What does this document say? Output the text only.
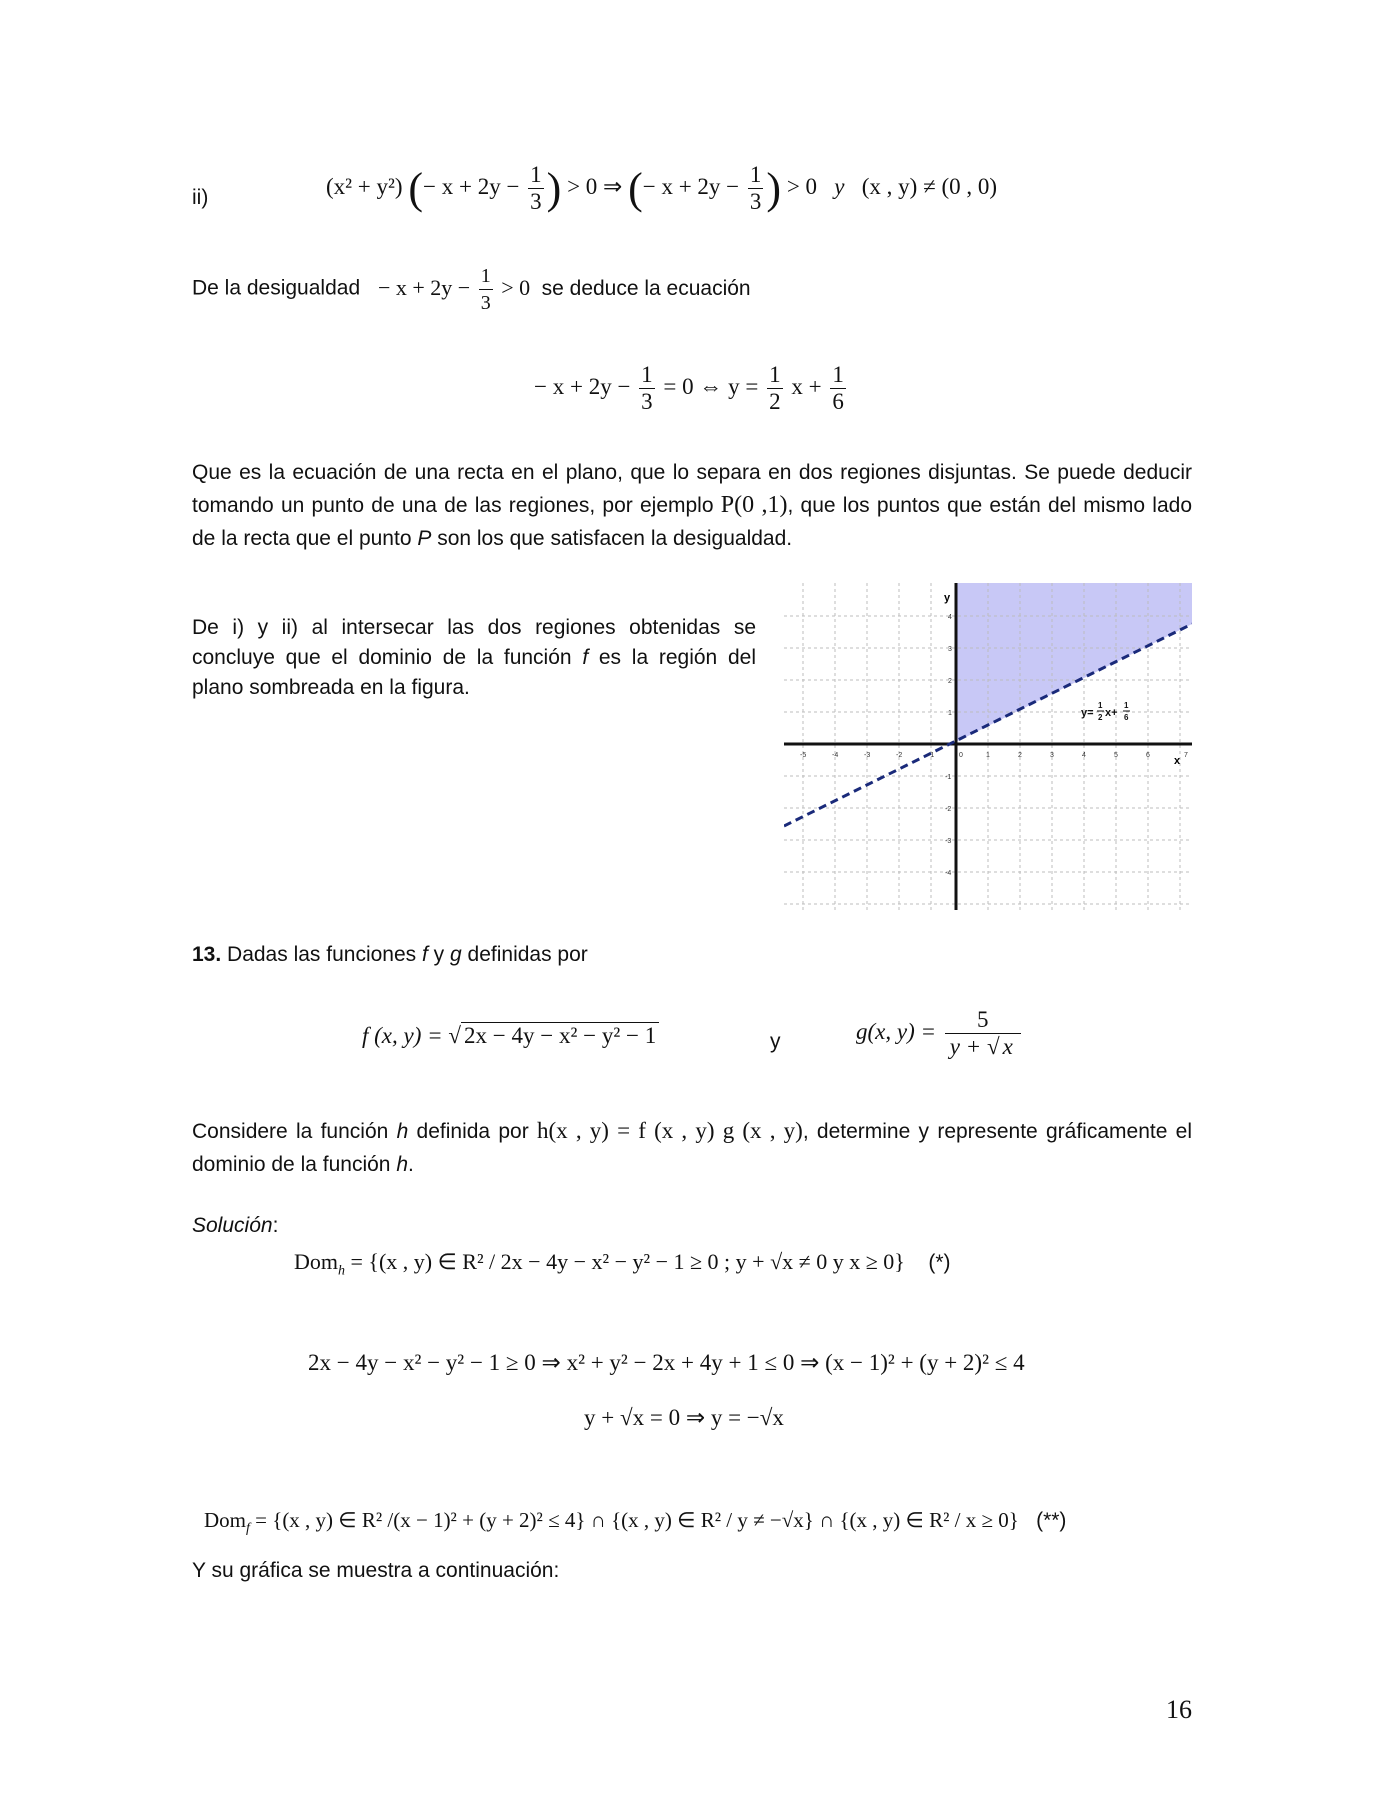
ii)	(x² + y²) (− $x + 2y - \frac{1}{3}$ ) > 0 ⇒ (− $x + 2y - \frac{1}{3}$ ) > 0 y (x , y) ≠ (0 , 0)
De la desigualdad − $x + 2y - \frac{1}{3} > 0$ se deduce la ecuación
− $x + 2y - \frac{1}{3} = 0$ ⇔ $y = \frac{1}{2}$ $x + \frac{1}{6}$
Que es la ecuación de una recta en el plano, que lo separa en dos regiones disjuntas. Se puede deducir tomando un punto de una de las regiones, por ejemplo P(0 ,1), que los puntos que están del mismo lado de la recta que el punto P son los que satisfacen la desigualdad.
De i) y ii) al intersecar las dos regiones obtenidas se concluye que el dominio de la función f es la región del plano sombreada en la figura.
-5	-4	-3	-2	-1	0	1	2	3	4	5	6	7
4
3
2
1
-1
-2
-3
-4
y
x
y=
1
2 x+
1
6
13. Dadas las funciones f y g definidas por
f (x, y) = √ 2x − 4y − x² − y² − 1	y	g(x, $y) = \frac{5}{y + √ x}$
Considere la función h definida por h(x , y) = f (x , y) g (x , y), determine y represente gráficamente el dominio de la función h.
Solución:
Dom$_h$ = {(x , y) ∈ R² / 2x − 4y − x² − y² − 1 ≥ 0 ; y + √x ≠ 0 y x ≥ 0} (*)
2x − 4y − x² − y² − 1 ≥ 0 ⇒ x² + y² − 2x + 4y + 1 ≤ 0 ⇒ (x − 1)² + (y + 2)² ≤ 4
y + √x = 0 ⇒ y = −√x
Dom$_f$ = {(x , y) ∈ R² /(x − 1)² + (y + 2)² ≤ 4} ∩ {(x , y) ∈ R² / y ≠ −√x} ∩ {(x , y) ∈ R² / x ≥ 0} (**)
Y su gráfica se muestra a continuación:
16
